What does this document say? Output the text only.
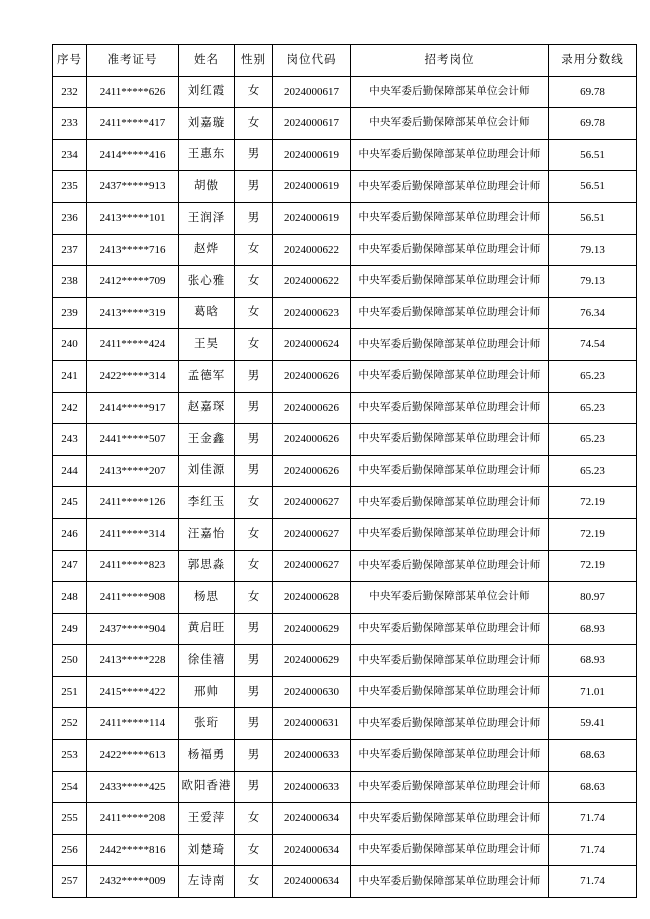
序号	准考证号	姓名	性别	岗位代码	招考岗位	录用分数线
232	2411*****626	刘红霞	女	2024000617	中央军委后勤保障部某单位会计师	69.78
233	2411*****417	刘嘉璇	女	2024000617	中央军委后勤保障部某单位会计师	69.78
234	2414*****416	王惠东	男	2024000619	中央军委后勤保障部某单位助理会计师	56.51
235	2437*****913	胡傲	男	2024000619	中央军委后勤保障部某单位助理会计师	56.51
236	2413*****101	王润泽	男	2024000619	中央军委后勤保障部某单位助理会计师	56.51
237	2413*****716	赵烨	女	2024000622	中央军委后勤保障部某单位助理会计师	79.13
238	2412*****709	张心雅	女	2024000622	中央军委后勤保障部某单位助理会计师	79.13
239	2413*****319	葛晗	女	2024000623	中央军委后勤保障部某单位助理会计师	76.34
240	2411*****424	王昊	女	2024000624	中央军委后勤保障部某单位助理会计师	74.54
241	2422*****314	孟德军	男	2024000626	中央军委后勤保障部某单位助理会计师	65.23
242	2414*****917	赵嘉琛	男	2024000626	中央军委后勤保障部某单位助理会计师	65.23
243	2441*****507	王金鑫	男	2024000626	中央军委后勤保障部某单位助理会计师	65.23
244	2413*****207	刘佳源	男	2024000626	中央军委后勤保障部某单位助理会计师	65.23
245	2411*****126	李红玉	女	2024000627	中央军委后勤保障部某单位助理会计师	72.19
246	2411*****314	汪嘉怡	女	2024000627	中央军委后勤保障部某单位助理会计师	72.19
247	2411*****823	郭思淼	女	2024000627	中央军委后勤保障部某单位助理会计师	72.19
248	2411*****908	杨思	女	2024000628	中央军委后勤保障部某单位会计师	80.97
249	2437*****904	黄启旺	男	2024000629	中央军委后勤保障部某单位助理会计师	68.93
250	2413*****228	徐佳禧	男	2024000629	中央军委后勤保障部某单位助理会计师	68.93
251	2415*****422	邢帅	男	2024000630	中央军委后勤保障部某单位助理会计师	71.01
252	2411*****114	张珩	男	2024000631	中央军委后勤保障部某单位助理会计师	59.41
253	2422*****613	杨福勇	男	2024000633	中央军委后勤保障部某单位助理会计师	68.63
254	2433*****425	欧阳香港	男	2024000633	中央军委后勤保障部某单位助理会计师	68.63
255	2411*****208	王爱萍	女	2024000634	中央军委后勤保障部某单位助理会计师	71.74
256	2442*****816	刘楚琦	女	2024000634	中央军委后勤保障部某单位助理会计师	71.74
257	2432*****009	左诗南	女	2024000634	中央军委后勤保障部某单位助理会计师	71.74
